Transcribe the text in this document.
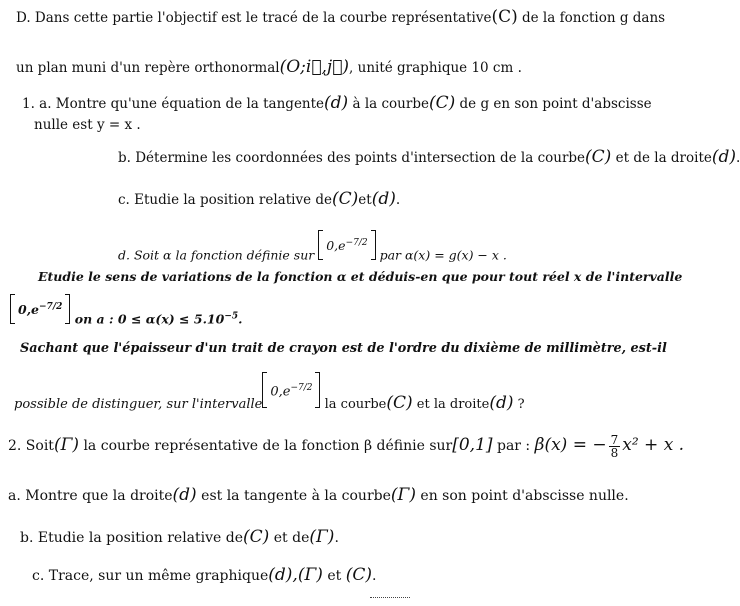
D. Dans cette partie l'objectif est le tracé de la courbe représentative(C) de la fonction g dans
un plan muni d'un repère orthonormal(O;i⃗,j⃗), unité graphique 10 cm .
1. a. Montre qu'une équation de la tangente(d) à la courbe(C) de g en son point d'abscisse
nulle est y = x .
b. Détermine les coordonnées des points d'intersection de la courbe(C) et de la droite(d).
c. Etudie la position relative de(C)et(d).
d. Soit α la fonction définie sur
$0,e^{-7/2}$
par α(x) = g(x) − x .
Etudie le sens de variations de la fonction α et déduis-en que pour tout réel x de l'intervalle
$0,e^{-7/2}$
on a : $0 \le \alpha(x) \le 5.10^{-5}$.
Sachant que l'épaisseur d'un trait de crayon est de l'ordre du dixième de millimètre, est-il
possible de distinguer, sur l'intervalle
$0,e^{-7/2}$
la courbe(C) et la droite(d) ?
2. Soit(Γ) la courbe représentative de la fonction β définie sur[0,1] par : β(x) = − $\frac{7}{8} x^2 + x$ .
a. Montre que la droite(d) est la tangente à la courbe(Γ) en son point d'abscisse nulle.
b. Etudie la position relative de(C) et de(Γ).
c. Trace, sur un même graphique(d),(Γ) et (C).
